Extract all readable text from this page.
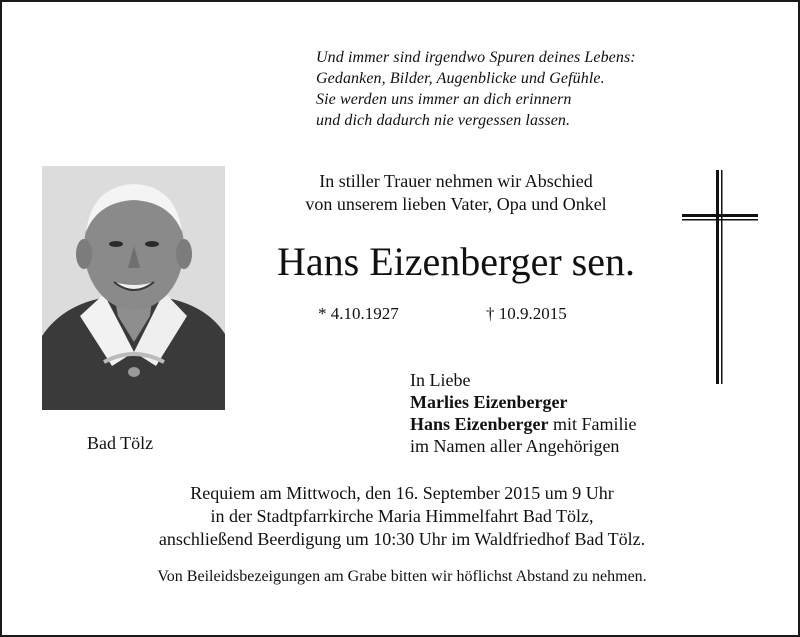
Und immer sind irgendwo Spuren deines Lebens:
Gedanken, Bilder, Augenblicke und Gefühle.
Sie werden uns immer an dich erinnern
und dich dadurch nie vergessen lassen.
In stiller Trauer nehmen wir Abschied
von unserem lieben Vater, Opa und Onkel
Hans Eizenberger sen.
* 4.10.1927	† 10.9.2015
In Liebe
Marlies Eizenberger
Hans Eizenberger mit Familie
im Namen aller Angehörigen
Bad Tölz
Requiem am Mittwoch, den 16. September 2015 um 9 Uhr
in der Stadtpfarrkirche Maria Himmelfahrt Bad Tölz,
anschließend Beerdigung um 10:30 Uhr im Waldfriedhof Bad Tölz.
Von Beileidsbezeigungen am Grabe bitten wir höflichst Abstand zu nehmen.
